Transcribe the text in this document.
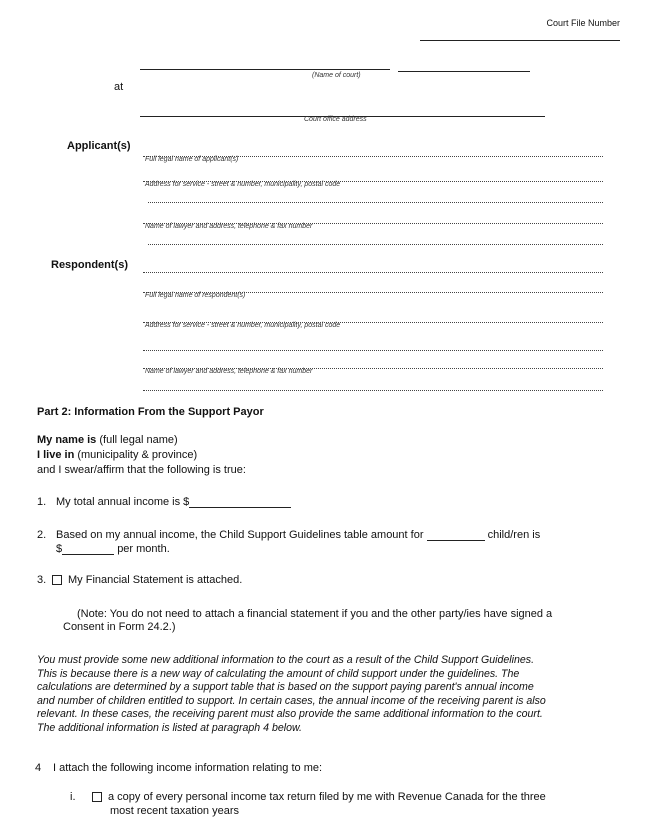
Court File Number
(Name of court)
at
Court office address
Applicant(s)
Full legal name of applicant(s)
Address for service - street & number, municipality, postal code
Name of lawyer and address, telephone & fax number
Respondent(s)
Full legal name of respondent(s)
Address for service - street & number, municipality, postal code
Name of lawyer and address, telephone & fax number
Part 2: Information From the Support Payor
My name is (full legal name)
I live in (municipality & province)
and I swear/affirm that the following is true:
1. My total annual income is $
2. Based on my annual income, the Child Support Guidelines table amount for	child/ren is
$	per month.
3.	My Financial Statement is attached.
(Note: You do not need to attach a financial statement if you and the other party/ies have signed a
Consent in Form 24.2.)
You must provide some new additional information to the court as a result of the Child Support Guidelines.
This is because there is a new way of calculating the amount of child support under the guidelines. The
calculations are determined by a support table that is based on the support paying parent's annual income
and number of children entitled to support. In certain cases, the annual income of the receiving parent is also
relevant. In these cases, the receiving parent must also provide the same additional information to the court.
The additional information is listed at paragraph 4 below.
4 I attach the following income information relating to me:
i.	a copy of every personal income tax return filed by me with Revenue Canada for the three
most recent taxation years
